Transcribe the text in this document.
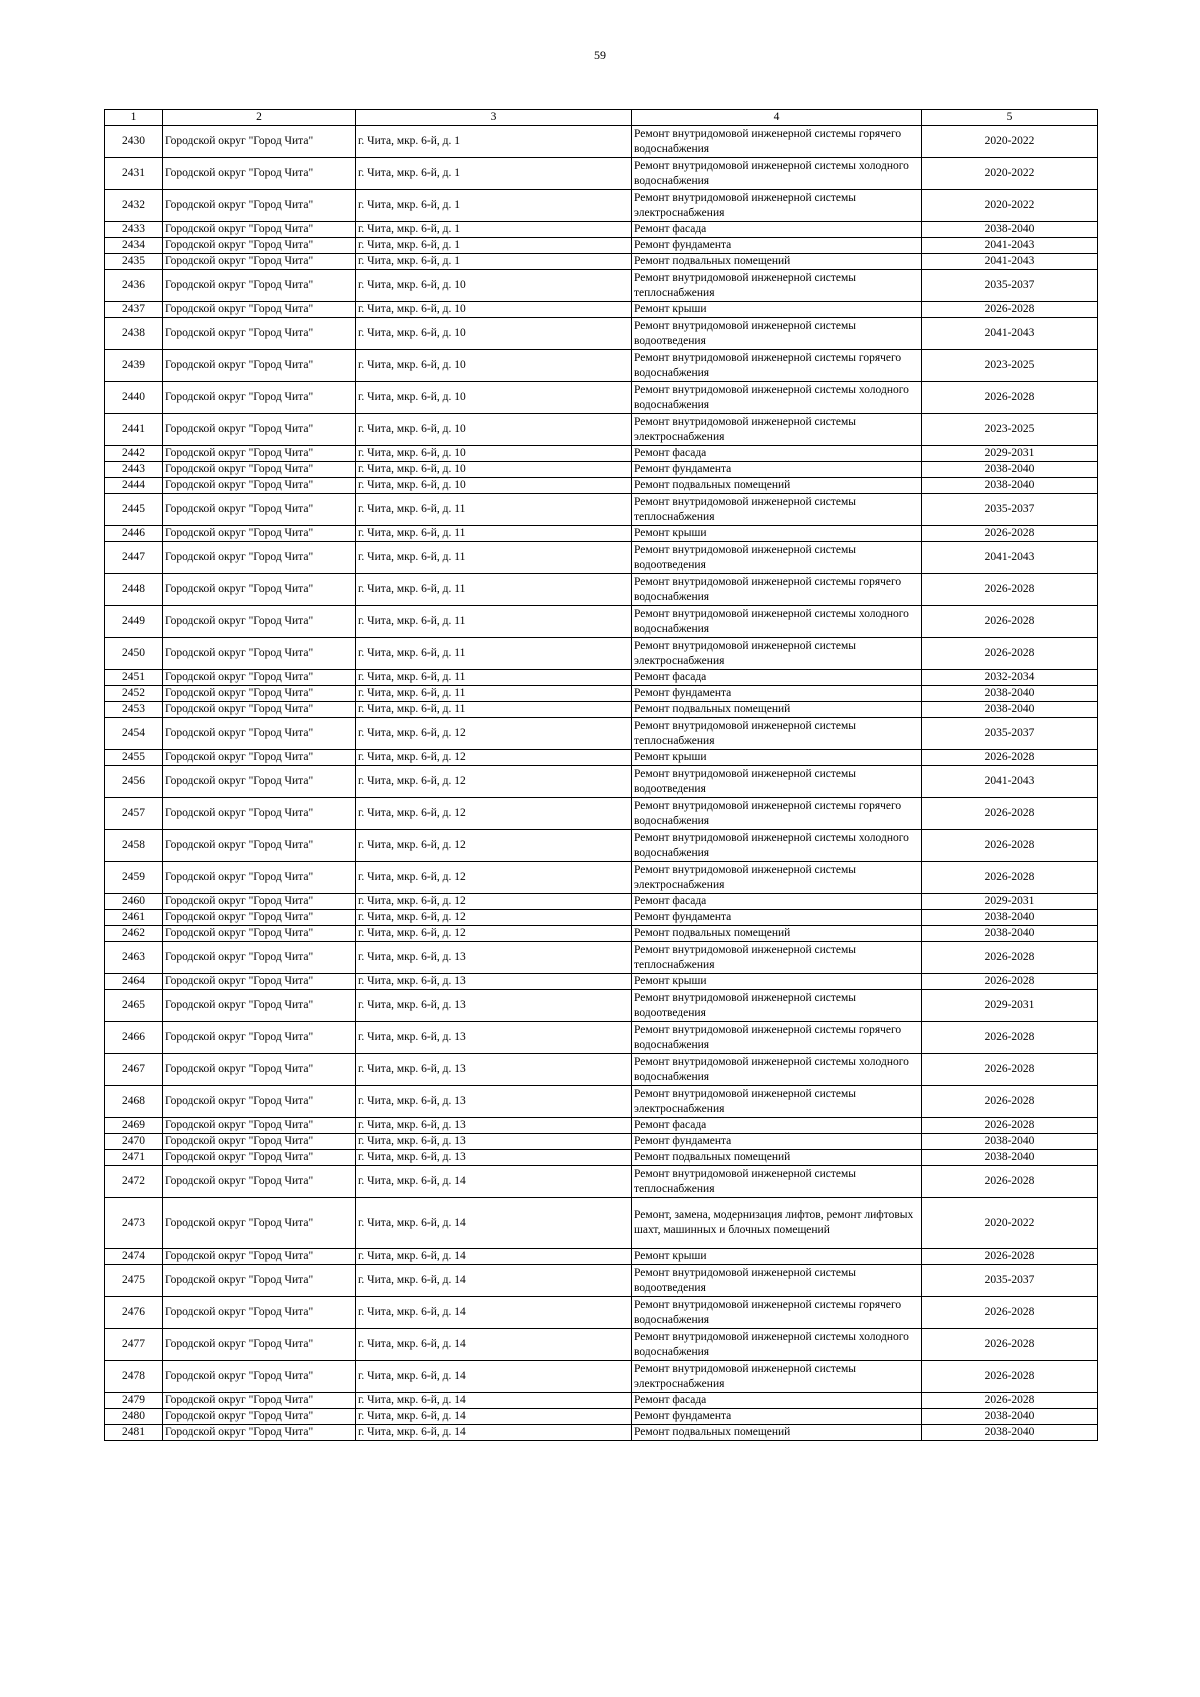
59
1	2	3	4	5
2430	Городской округ "Город Чита"	г. Чита, мкр. 6-й, д. 1	Ремонт внутридомовой инженерной системы горячего водоснабжения	2020-2022
2431	Городской округ "Город Чита"	г. Чита, мкр. 6-й, д. 1	Ремонт внутридомовой инженерной системы холодного водоснабжения	2020-2022
2432	Городской округ "Город Чита"	г. Чита, мкр. 6-й, д. 1	Ремонт внутридомовой инженерной системы электроснабжения	2020-2022
2433	Городской округ "Город Чита"	г. Чита, мкр. 6-й, д. 1	Ремонт фасада	2038-2040
2434	Городской округ "Город Чита"	г. Чита, мкр. 6-й, д. 1	Ремонт фундамента	2041-2043
2435	Городской округ "Город Чита"	г. Чита, мкр. 6-й, д. 1	Ремонт подвальных помещений	2041-2043
2436	Городской округ "Город Чита"	г. Чита, мкр. 6-й, д. 10	Ремонт внутридомовой инженерной системы теплоснабжения	2035-2037
2437	Городской округ "Город Чита"	г. Чита, мкр. 6-й, д. 10	Ремонт крыши	2026-2028
2438	Городской округ "Город Чита"	г. Чита, мкр. 6-й, д. 10	Ремонт внутридомовой инженерной системы водоотведения	2041-2043
2439	Городской округ "Город Чита"	г. Чита, мкр. 6-й, д. 10	Ремонт внутридомовой инженерной системы горячего водоснабжения	2023-2025
2440	Городской округ "Город Чита"	г. Чита, мкр. 6-й, д. 10	Ремонт внутридомовой инженерной системы холодного водоснабжения	2026-2028
2441	Городской округ "Город Чита"	г. Чита, мкр. 6-й, д. 10	Ремонт внутридомовой инженерной системы электроснабжения	2023-2025
2442	Городской округ "Город Чита"	г. Чита, мкр. 6-й, д. 10	Ремонт фасада	2029-2031
2443	Городской округ "Город Чита"	г. Чита, мкр. 6-й, д. 10	Ремонт фундамента	2038-2040
2444	Городской округ "Город Чита"	г. Чита, мкр. 6-й, д. 10	Ремонт подвальных помещений	2038-2040
2445	Городской округ "Город Чита"	г. Чита, мкр. 6-й, д. 11	Ремонт внутридомовой инженерной системы теплоснабжения	2035-2037
2446	Городской округ "Город Чита"	г. Чита, мкр. 6-й, д. 11	Ремонт крыши	2026-2028
2447	Городской округ "Город Чита"	г. Чита, мкр. 6-й, д. 11	Ремонт внутридомовой инженерной системы водоотведения	2041-2043
2448	Городской округ "Город Чита"	г. Чита, мкр. 6-й, д. 11	Ремонт внутридомовой инженерной системы горячего водоснабжения	2026-2028
2449	Городской округ "Город Чита"	г. Чита, мкр. 6-й, д. 11	Ремонт внутридомовой инженерной системы холодного водоснабжения	2026-2028
2450	Городской округ "Город Чита"	г. Чита, мкр. 6-й, д. 11	Ремонт внутридомовой инженерной системы электроснабжения	2026-2028
2451	Городской округ "Город Чита"	г. Чита, мкр. 6-й, д. 11	Ремонт фасада	2032-2034
2452	Городской округ "Город Чита"	г. Чита, мкр. 6-й, д. 11	Ремонт фундамента	2038-2040
2453	Городской округ "Город Чита"	г. Чита, мкр. 6-й, д. 11	Ремонт подвальных помещений	2038-2040
2454	Городской округ "Город Чита"	г. Чита, мкр. 6-й, д. 12	Ремонт внутридомовой инженерной системы теплоснабжения	2035-2037
2455	Городской округ "Город Чита"	г. Чита, мкр. 6-й, д. 12	Ремонт крыши	2026-2028
2456	Городской округ "Город Чита"	г. Чита, мкр. 6-й, д. 12	Ремонт внутридомовой инженерной системы водоотведения	2041-2043
2457	Городской округ "Город Чита"	г. Чита, мкр. 6-й, д. 12	Ремонт внутридомовой инженерной системы горячего водоснабжения	2026-2028
2458	Городской округ "Город Чита"	г. Чита, мкр. 6-й, д. 12	Ремонт внутридомовой инженерной системы холодного водоснабжения	2026-2028
2459	Городской округ "Город Чита"	г. Чита, мкр. 6-й, д. 12	Ремонт внутридомовой инженерной системы электроснабжения	2026-2028
2460	Городской округ "Город Чита"	г. Чита, мкр. 6-й, д. 12	Ремонт фасада	2029-2031
2461	Городской округ "Город Чита"	г. Чита, мкр. 6-й, д. 12	Ремонт фундамента	2038-2040
2462	Городской округ "Город Чита"	г. Чита, мкр. 6-й, д. 12	Ремонт подвальных помещений	2038-2040
2463	Городской округ "Город Чита"	г. Чита, мкр. 6-й, д. 13	Ремонт внутридомовой инженерной системы теплоснабжения	2026-2028
2464	Городской округ "Город Чита"	г. Чита, мкр. 6-й, д. 13	Ремонт крыши	2026-2028
2465	Городской округ "Город Чита"	г. Чита, мкр. 6-й, д. 13	Ремонт внутридомовой инженерной системы водоотведения	2029-2031
2466	Городской округ "Город Чита"	г. Чита, мкр. 6-й, д. 13	Ремонт внутридомовой инженерной системы горячего водоснабжения	2026-2028
2467	Городской округ "Город Чита"	г. Чита, мкр. 6-й, д. 13	Ремонт внутридомовой инженерной системы холодного водоснабжения	2026-2028
2468	Городской округ "Город Чита"	г. Чита, мкр. 6-й, д. 13	Ремонт внутридомовой инженерной системы электроснабжения	2026-2028
2469	Городской округ "Город Чита"	г. Чита, мкр. 6-й, д. 13	Ремонт фасада	2026-2028
2470	Городской округ "Город Чита"	г. Чита, мкр. 6-й, д. 13	Ремонт фундамента	2038-2040
2471	Городской округ "Город Чита"	г. Чита, мкр. 6-й, д. 13	Ремонт подвальных помещений	2038-2040
2472	Городской округ "Город Чита"	г. Чита, мкр. 6-й, д. 14	Ремонт внутридомовой инженерной системы теплоснабжения	2026-2028
2473	Городской округ "Город Чита"	г. Чита, мкр. 6-й, д. 14	Ремонт, замена, модернизация лифтов, ремонт лифтовых шахт, машинных и блочных помещений	2020-2022
2474	Городской округ "Город Чита"	г. Чита, мкр. 6-й, д. 14	Ремонт крыши	2026-2028
2475	Городской округ "Город Чита"	г. Чита, мкр. 6-й, д. 14	Ремонт внутридомовой инженерной системы водоотведения	2035-2037
2476	Городской округ "Город Чита"	г. Чита, мкр. 6-й, д. 14	Ремонт внутридомовой инженерной системы горячего водоснабжения	2026-2028
2477	Городской округ "Город Чита"	г. Чита, мкр. 6-й, д. 14	Ремонт внутридомовой инженерной системы холодного водоснабжения	2026-2028
2478	Городской округ "Город Чита"	г. Чита, мкр. 6-й, д. 14	Ремонт внутридомовой инженерной системы электроснабжения	2026-2028
2479	Городской округ "Город Чита"	г. Чита, мкр. 6-й, д. 14	Ремонт фасада	2026-2028
2480	Городской округ "Город Чита"	г. Чита, мкр. 6-й, д. 14	Ремонт фундамента	2038-2040
2481	Городской округ "Город Чита"	г. Чита, мкр. 6-й, д. 14	Ремонт подвальных помещений	2038-2040
